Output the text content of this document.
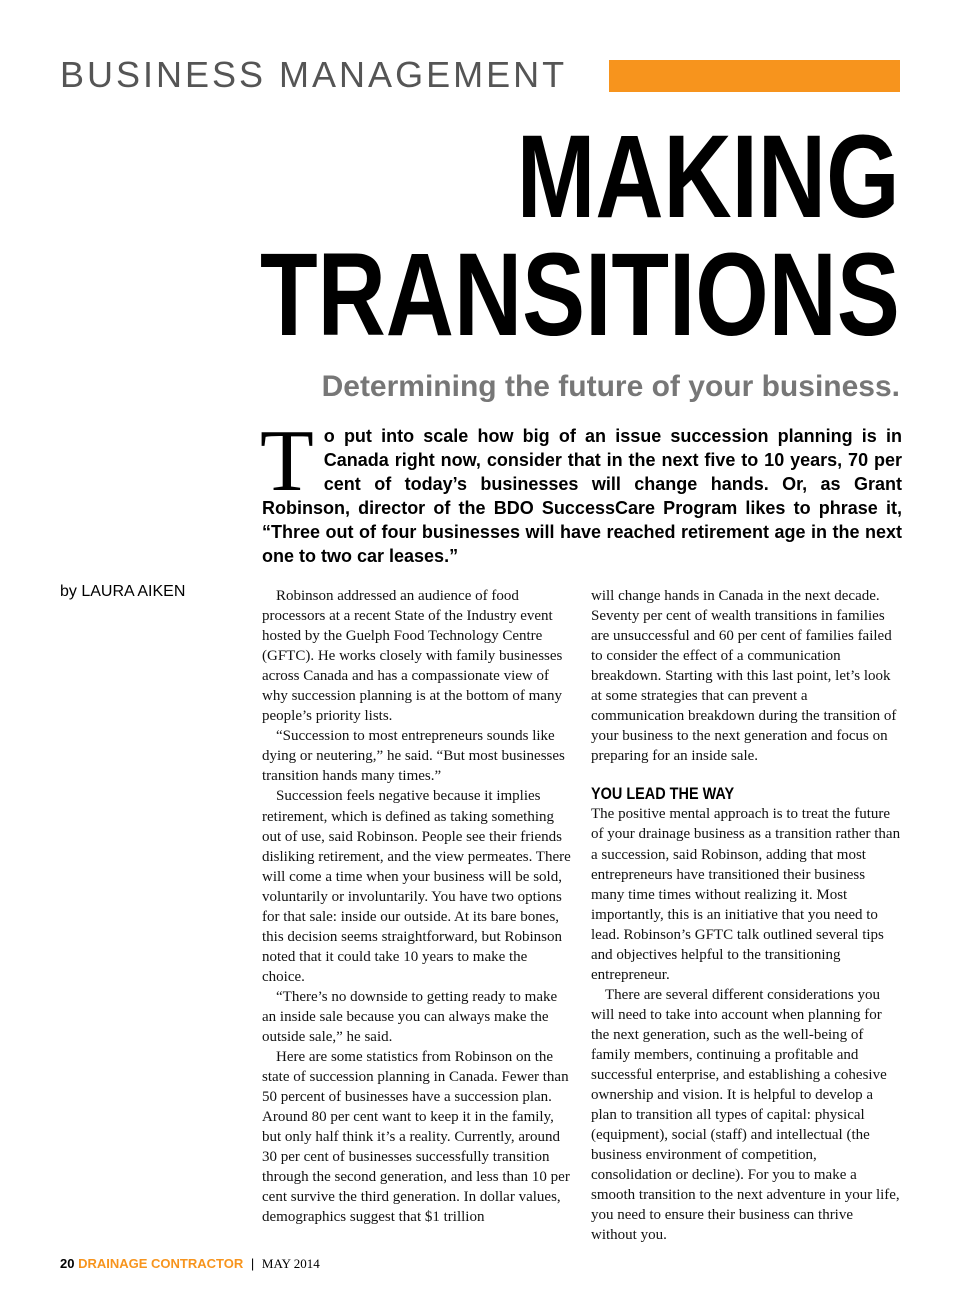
BUSINESS MANAGEMENT
MAKING
TRANSITIONS
Determining the future of your business.
To put into scale how big of an issue succession planning is in Canada right now, consider that in the next five to 10 years, 70 per cent of today’s businesses will change hands. Or, as Grant Robinson, director of the BDO SuccessCare Program likes to phrase it, “Three out of four businesses will have reached retirement age in the next one to two car leases.”
by LAURA AIKEN	Robinson addressed an audience of food processors at a recent State of the Industry event hosted by the Guelph Food Technology Centre (GFTC). He works closely with family businesses across Canada and has a compassionate view of why succession planning is at the bottom of many people’s priority lists.

“Succession to most entrepreneurs sounds like dying or neutering,” he said. “But most businesses transition hands many times.”

Succession feels negative because it implies retirement, which is defined as taking something out of use, said Robinson. People see their friends disliking retirement, and the view permeates. There will come a time when your business will be sold, voluntarily or involuntarily. You have two options for that sale: inside our outside. At its bare bones, this decision seems straightforward, but Robinson noted that it could take 10 years to make the choice.

“There’s no downside to getting ready to make an inside sale because you can always make the outside sale,” he said.

Here are some statistics from Robinson on the state of succession planning in Canada. Fewer than 50 percent of businesses have a succession plan. Around 80 per cent want to keep it in the family, but only half think it’s a reality. Currently, around 30 per cent of businesses successfully transition through the second generation, and less than 10 per cent survive the third generation. In dollar values, demographics suggest that $1 trillion

will change hands in Canada in the next decade. Seventy per cent of wealth transitions in families are unsuccessful and 60 per cent of families failed to consider the effect of a communication breakdown. Starting with this last point, let’s look at some strategies that can prevent a communication breakdown during the transition of your business to the next generation and focus on preparing for an inside sale.

YOU LEAD THE WAY

The positive mental approach is to treat the future of your drainage business as a transition rather than a succession, said Robinson, adding that most entrepreneurs have transitioned their business many time times without realizing it. Most importantly, this is an initiative that you need to lead. Robinson’s GFTC talk outlined several tips and objectives helpful to the transitioning entrepreneur.

There are several different considerations you will need to take into account when planning for the next generation, such as the well-being of family members, continuing a profitable and successful enterprise, and establishing a cohesive ownership and vision. It is helpful to develop a plan to transition all types of capital: physical (equipment), social (staff) and intellectual (the business environment of competition, consolidation or decline). For you to make a smooth transition to the next adventure in your life, you need to ensure their business can thrive without you.

20 DRAINAGE CONTRACTOR | MAY 2014
